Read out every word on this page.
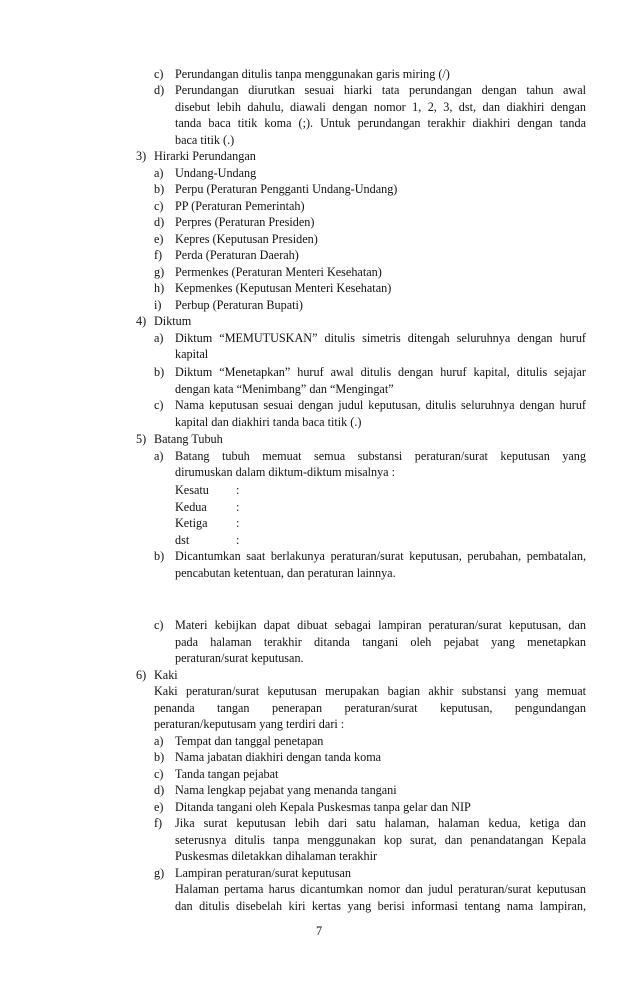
c) Perundangan ditulis tanpa menggunakan garis miring (/)
d) Perundangan diurutkan sesuai hiarki tata perundangan dengan tahun awal
disebut lebih dahulu, diawali dengan nomor 1, 2, 3, dst, dan diakhiri dengan
tanda baca titik koma (;). Untuk perundangan terakhir diakhiri dengan tanda
baca titik (.)
3) Hirarki Perundangan
a) Undang-Undang
b) Perpu (Peraturan Pengganti Undang-Undang)
c) PP (Peraturan Pemerintah)
d) Perpres (Peraturan Presiden)
e) Kepres (Keputusan Presiden)
f) Perda (Peraturan Daerah)
g) Permenkes (Peraturan Menteri Kesehatan)
h) Kepmenkes (Keputusan Menteri Kesehatan)
i) Perbup (Peraturan Bupati)
4) Diktum
a) Diktum “MEMUTUSKAN” ditulis simetris ditengah seluruhnya dengan huruf
kapital
b) Diktum “Menetapkan” huruf awal ditulis dengan huruf kapital, ditulis sejajar
dengan kata “Menimbang” dan “Mengingat”
c) Nama keputusan sesuai dengan judul keputusan, ditulis seluruhnya dengan huruf
kapital dan diakhiri tanda baca titik (.)
5) Batang Tubuh
a) Batang tubuh memuat semua substansi peraturan/surat keputusan yang
dirumuskan dalam diktum-diktum misalnya :
Kesatu :
Kedua :
Ketiga :
dst	:
b) Dicantumkan saat berlakunya peraturan/surat keputusan, perubahan, pembatalan,
pencabutan ketentuan, dan peraturan lainnya.
c) Materi kebijkan dapat dibuat sebagai lampiran peraturan/surat keputusan, dan
pada halaman terakhir ditanda tangani oleh pejabat yang menetapkan
peraturan/surat keputusan.
6) Kaki
Kaki peraturan/surat keputusan merupakan bagian akhir substansi yang memuat
penanda tangan penerapan peraturan/surat keputusan, pengundangan
peraturan/keputusam yang terdiri dari :
a) Tempat dan tanggal penetapan
b) Nama jabatan diakhiri dengan tanda koma
c) Tanda tangan pejabat
d) Nama lengkap pejabat yang menanda tangani
e) Ditanda tangani oleh Kepala Puskesmas tanpa gelar dan NIP
f) Jika surat keputusan lebih dari satu halaman, halaman kedua, ketiga dan
seterusnya ditulis tanpa menggunakan kop surat, dan penandatangan Kepala
Puskesmas diletakkan dihalaman terakhir
g) Lampiran peraturan/surat keputusan
Halaman pertama harus dicantumkan nomor dan judul peraturan/surat keputusan
dan ditulis disebelah kiri kertas yang berisi informasi tentang nama lampiran,
7
